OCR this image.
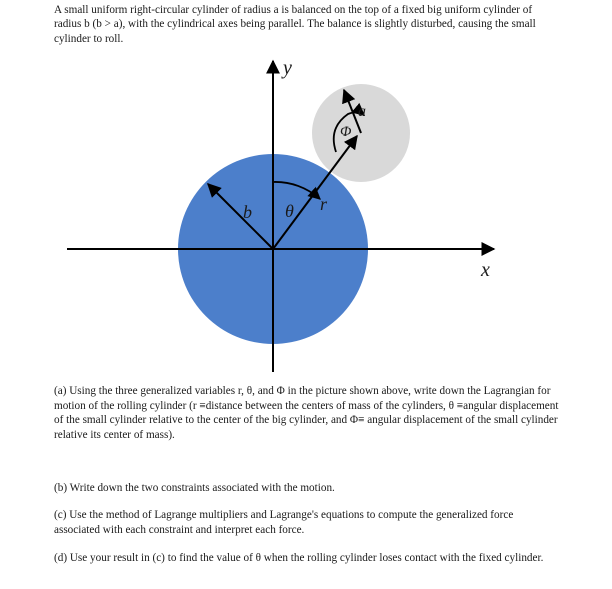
A small uniform right-circular cylinder of radius a is balanced on the top of a fixed big uniform cylinder of radius b (b > a), with the cylindrical axes being parallel. The balance is slightly disturbed, causing the small cylinder to roll.
y
x
b θ r
a
Φ
(a) Using the three generalized variables r, θ, and Φ in the picture shown above, write down the Lagrangian for motion of the rolling cylinder (r ≡distance between the centers of mass of the cylinders, θ ≡angular displacement of the small cylinder relative to the center of the big cylinder, and Φ≡ angular displacement of the small cylinder relative its center of mass).
(b) Write down the two constraints associated with the motion.
(c) Use the method of Lagrange multipliers and Lagrange's equations to compute the generalized force associated with each constraint and interpret each force.
(d) Use your result in (c) to find the value of θ when the rolling cylinder loses contact with the fixed cylinder.
